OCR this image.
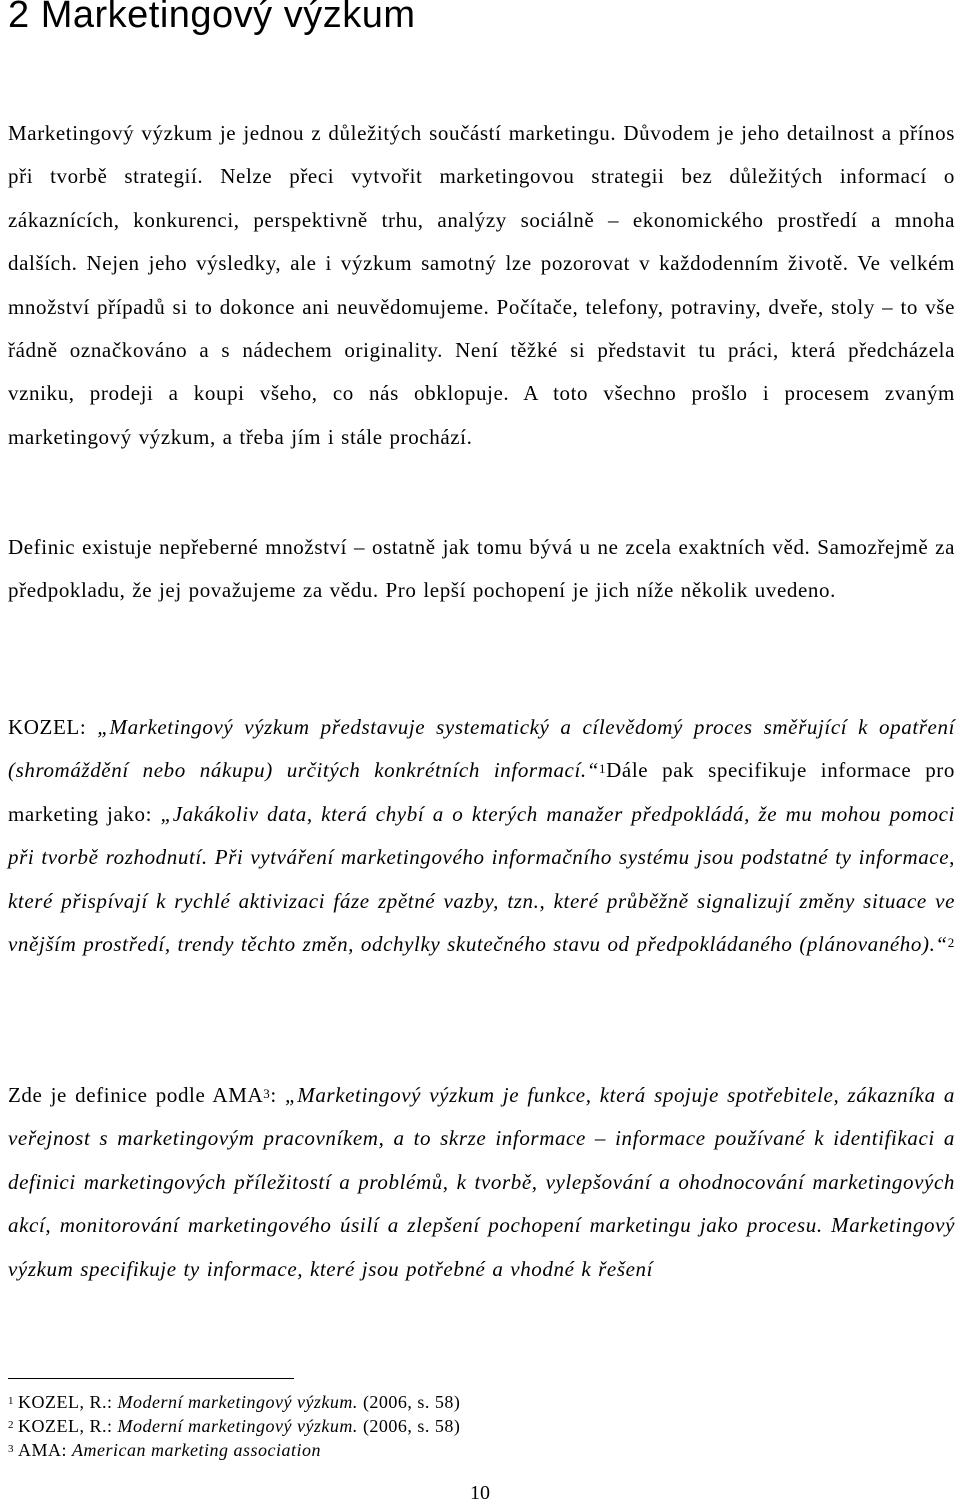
2 Marketingový výzkum

Marketingový výzkum je jednou z důležitých součástí marketingu. Důvodem je jeho detailnost a přínos při tvorbě strategií. Nelze přeci vytvořit marketingovou strategii bez důležitých informací o zákaznících, konkurenci, perspektivně trhu, analýzy sociálně – ekonomického prostředí a mnoha dalších. Nejen jeho výsledky, ale i výzkum samotný lze pozorovat v každodenním životě. Ve velkém množství případů si to dokonce ani neuvědomujeme. Počítače, telefony, potraviny, dveře, stoly – to vše řádně označkováno a s nádechem originality. Není těžké si představit tu práci, která předcházela vzniku, prodeji a koupi všeho, co nás obklopuje. A toto všechno prošlo i procesem zvaným marketingový výzkum, a třeba jím i stále prochází.

Definic existuje nepřeberné množství – ostatně jak tomu bývá u ne zcela exaktních věd. Samozřejmě za předpokladu, že jej považujeme za vědu. Pro lepší pochopení je jich níže několik uvedeno.

KOZEL: „Marketingový výzkum představuje systematický a cílevědomý proces směřující k opatření (shromáždění nebo nákupu) určitých konkrétních informací.“$^1$Dále pak specifikuje informace pro marketing jako: „Jakákoliv data, která chybí a o kterých manažer předpokládá, že mu mohou pomoci při tvorbě rozhodnutí. Při vytváření marketingového informačního systému jsou podstatné ty informace, které přispívají k rychlé aktivizaci fáze zpětné vazby, tzn., které průběžně signalizují změny situace ve vnějším prostředí, trendy těchto změn, odchylky skutečného stavu od předpokládaného (plánovaného).“$^2$

Zde je definice podle AMA$^3$: „Marketingový výzkum je funkce, která spojuje spotřebitele, zákazníka a veřejnost s marketingovým pracovníkem, a to skrze informace – informace používané k identifikaci a definici marketingových příležitostí a problémů, k tvorbě, vylepšování a ohodnocování marketingových akcí, monitorování marketingového úsilí a zlepšení pochopení marketingu jako procesu. Marketingový výzkum specifikuje ty informace, které jsou potřebné a vhodné k řešení

$^1$ KOZEL, R.: Moderní marketingový výzkum. (2006, s. 58)

$^2$ KOZEL, R.: Moderní marketingový výzkum. (2006, s. 58)

$^3$ AMA: American marketing association

10
